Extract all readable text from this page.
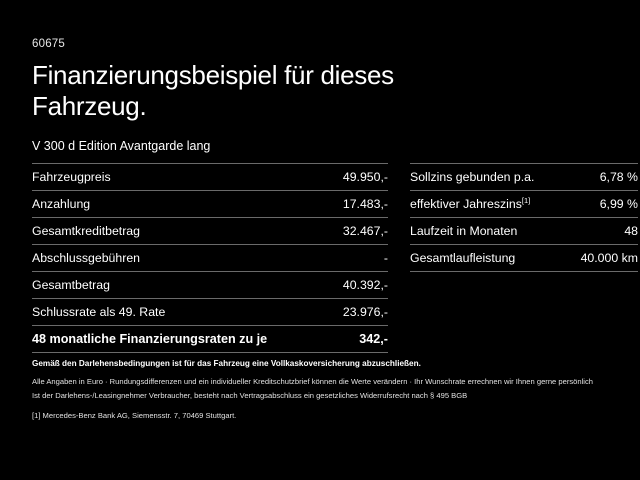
60675
Finanzierungsbeispiel für dieses Fahrzeug.
V 300 d Edition Avantgarde lang
Fahrzeugpreis	49.950,-
Anzahlung	17.483,-
Gesamtkreditbetrag	32.467,-
Abschlussgebühren	-
Gesamtbetrag	40.392,-
Schlussrate als 49. Rate	23.976,-
48 monatliche Finanzierungsraten zu je	342,-
Sollzins gebunden p.a.	6,78 %
effektiver Jahreszins[1]	6,99 %
Laufzeit in Monaten	48
Gesamtlaufleistung	40.000 km

Gemäß den Darlehensbedingungen ist für das Fahrzeug eine Vollkaskoversicherung abzuschließen.

Alle Angaben in Euro · Rundungsdifferenzen und ein individueller Kreditschutzbrief können die Werte verändern · Ihr Wunschrate errechnen wir Ihnen gerne persönlich

Ist der Darlehens-/Leasingnehmer Verbraucher, besteht nach Vertragsabschluss ein gesetzliches Widerrufsrecht nach § 495 BGB

[1] Mercedes-Benz Bank AG, Siemensstr. 7, 70469 Stuttgart.
